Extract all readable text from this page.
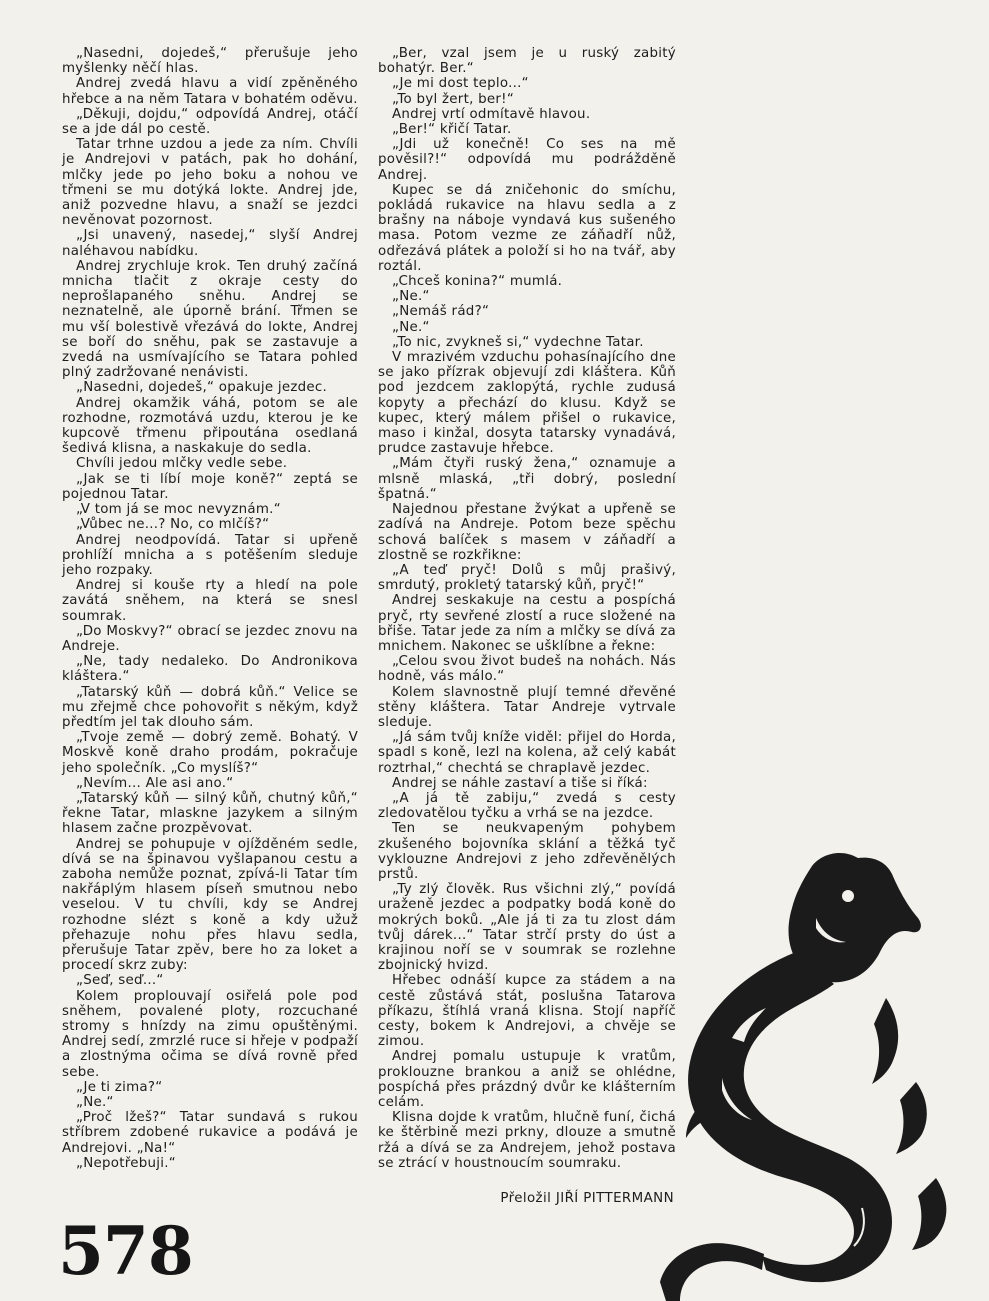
„Nasedni, dojedeš,“ přerušuje jeho myšlenky něčí hlas.

Andrej zvedá hlavu a vidí zpěněného hřebce a na něm Tatara v bohatém oděvu.

„Děkuji, dojdu,“ odpovídá Andrej, otáčí se a jde dál po cestě.

Tatar trhne uzdou a jede za ním. Chvíli je Andrejovi v patách, pak ho dohání, mlčky jede po jeho boku a nohou ve třmeni se mu dotýká lokte. Andrej jde, aniž pozvedne hlavu, a snaží se jezdci nevěnovat pozornost.

„Jsi unavený, nasedej,“ slyší Andrej naléhavou nabídku.

Andrej zrychluje krok. Ten druhý začíná mnicha tlačit z okraje cesty do neprošlapaného sněhu. Andrej se neznatelně, ale úporně brání. Třmen se mu vší bolestivě vřezává do lokte, Andrej se boří do sněhu, pak se zastavuje a zvedá na usmívajícího se Tatara pohled plný zadržované nenávisti.

„Nasedni, dojedeš,“ opakuje jezdec.

Andrej okamžik váhá, potom se ale rozhodne, rozmotává uzdu, kterou je ke kupcově třmenu připoutána osedlaná šedivá klisna, a naskakuje do sedla.

Chvíli jedou mlčky vedle sebe.

„Jak se ti líbí moje koně?“ zeptá se pojednou Tatar.

„V tom já se moc nevyznám.“

„Vůbec ne...? No, co mlčíš?“

Andrej neodpovídá. Tatar si upřeně prohlíží mnicha a s potěšením sleduje jeho rozpaky.

Andrej si kouše rty a hledí na pole zavátá sněhem, na která se snesl soumrak.

„Do Moskvy?“ obrací se jezdec znovu na Andreje.

„Ne, tady nedaleko. Do Andronikova kláštera.“

„Tatarský kůň — dobrá kůň.“ Velice se mu zřejmě chce pohovořit s někým, když předtím jel tak dlouho sám.

„Tvoje země — dobrý země. Bohatý. V Moskvě koně draho prodám, pokračuje jeho společník. „Co myslíš?“

„Nevím... Ale asi ano.“

„Tatarský kůň — silný kůň, chutný kůň,“ řekne Tatar, mlaskne jazykem a silným hlasem začne prozpěvovat.

Andrej se pohupuje v ojížděném sedle, dívá se na špinavou vyšlapanou cestu a zaboha nemůže poznat, zpívá-li Tatar tím nakřáplým hlasem píseň smutnou nebo veselou. V tu chvíli, kdy se Andrej rozhodne slézt s koně a kdy užuž přehazuje nohu přes hlavu sedla, přerušuje Tatar zpěv, bere ho za loket a procedí skrz zuby:

„Seď, seď...“

Kolem proplouvají osiřelá pole pod sněhem, povalené ploty, rozcuchané stromy s hnízdy na zimu opuštěnými. Andrej sedí, zmrzlé ruce si hřeje v podpaží a zlostnýma očima se dívá rovně před sebe.

„Je ti zima?“

„Ne.“

„Proč lžeš?“ Tatar sundavá s rukou stříbrem zdobené rukavice a podává je Andrejovi. „Na!“

„Nepotřebuji.“

„Ber, vzal jsem je u ruský zabitý bohatýr. Ber.“

„Je mi dost teplo...“

„To byl žert, ber!“

Andrej vrtí odmítavě hlavou.

„Ber!“ křičí Tatar.

„Jdi už konečně! Co ses na mě pověsil?!“ odpovídá mu podrážděně Andrej.

Kupec se dá zničehonic do smíchu, pokládá rukavice na hlavu sedla a z brašny na náboje vyndavá kus sušeného masa. Potom vezme ze záňadří nůž, odřezává plátek a položí si ho na tvář, aby roztál.

„Chceš konina?“ mumlá.

„Ne.“

„Nemáš rád?“

„Ne.“

„To nic, zvykneš si,“ vydechne Tatar.

V mrazivém vzduchu pohasínajícího dne se jako přízrak objevují zdi kláštera. Kůň pod jezdcem zaklopýtá, rychle zudusá kopyty a přechází do klusu. Když se kupec, který málem přišel o rukavice, maso i kinžal, dosyta tatarsky vynadává, prudce zastavuje hřebce.

„Mám čtyři ruský žena,“ oznamuje a mlsně mlaská, „tři dobrý, poslední špatná.“

Najednou přestane žvýkat a upřeně se zadívá na Andreje. Potom beze spěchu schová balíček s masem v záňadří a zlostně se rozkřikne:

„A teď pryč! Dolů s můj prašivý, smrdutý, prokletý tatarský kůň, pryč!“

Andrej seskakuje na cestu a pospíchá pryč, rty sevřené zlostí a ruce složené na břiše. Tatar jede za ním a mlčky se dívá za mnichem. Nakonec se ušklíbne a řekne:

„Celou svou život budeš na nohách. Nás hodně, vás málo.“

Kolem slavnostně plují temné dřevěné stěny kláštera. Tatar Andreje vytrvale sleduje.

„Já sám tvůj kníže viděl: přijel do Horda, spadl s koně, lezl na kolena, až celý kabát roztrhal,“ chechtá se chraplavě jezdec.

Andrej se náhle zastaví a tiše si říká:

„A já tě zabiju,“ zvedá s cesty zledovatělou tyčku a vrhá se na jezdce.

Ten se neukvapeným pohybem zkušeného bojovníka sklání a těžká tyč vyklouzne Andrejovi z jeho zdřevěnělých prstů.

„Ty zlý člověk. Rus všichni zlý,“ povídá uraženě jezdec a podpatky bodá koně do mokrých boků. „Ale já ti za tu zlost dám tvůj dárek...“ Tatar strčí prsty do úst a krajinou noří se v soumrak se rozlehne zbojnický hvizd.

Hřebec odnáší kupce za stádem a na cestě zůstává stát, poslušna Tatarova příkazu, štíhlá vraná klisna. Stojí napříč cesty, bokem k Andrejovi, a chvěje se zimou.

Andrej pomalu ustupuje k vratům, proklouzne brankou a aniž se ohlédne, pospíchá přes prázdný dvůr ke klášterním celám.

Klisna dojde k vratům, hlučně funí, čichá ke štěrbině mezi prkny, dlouze a smutně ržá a dívá se za Andrejem, jehož postava se ztrácí v houstnoucím soumraku.

Přeložil JIŘÍ PITTERMANN
578
